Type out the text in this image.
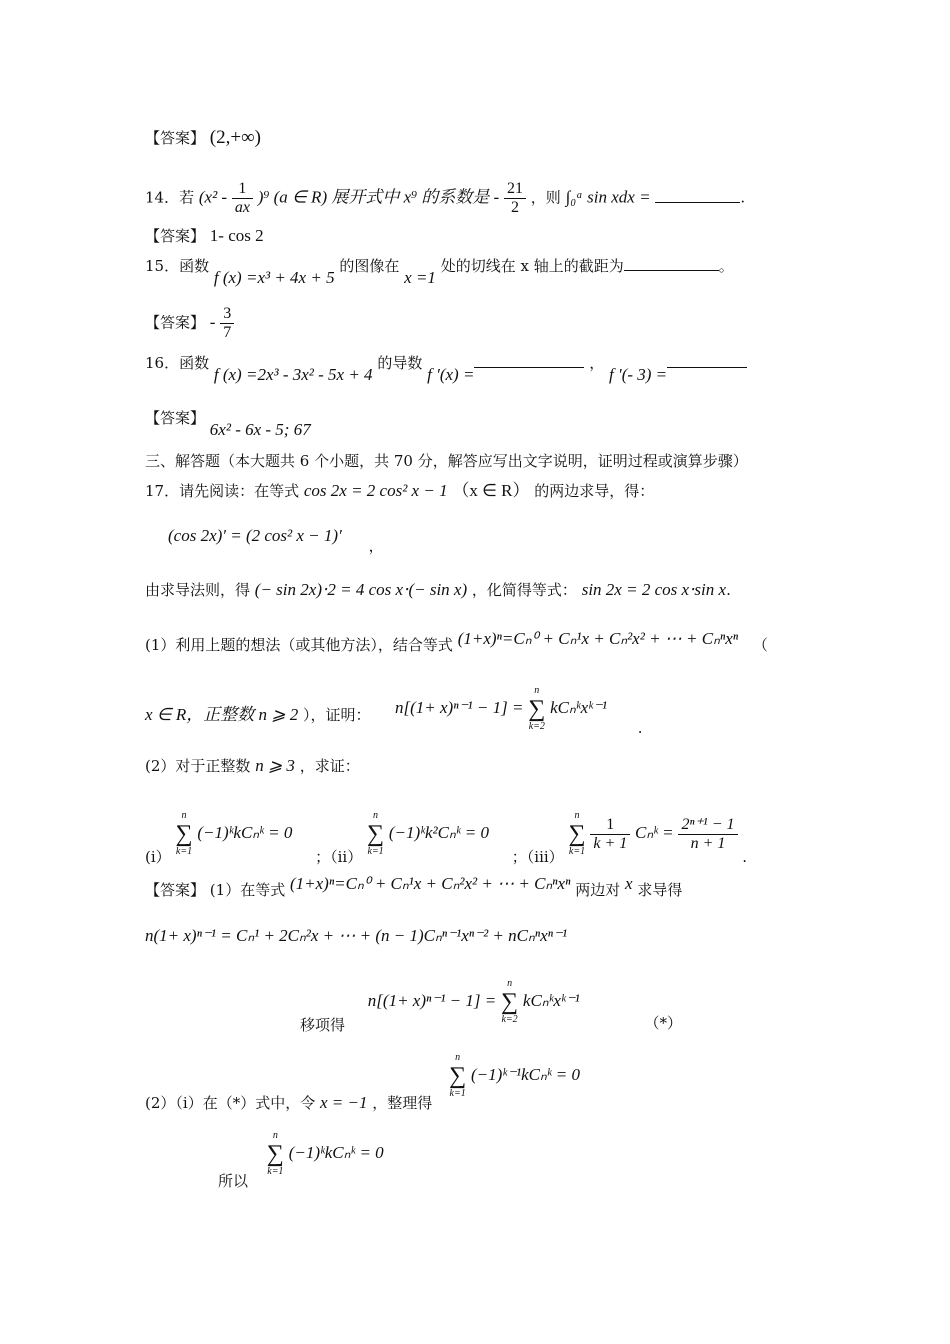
【答案】 (2,+∞)
14．若 $(x^2 - \frac{1}{ax} )^9$ (a ∈ R) 展开式中 x⁹ 的系数是 - $\frac{21}{2}$ ，则 ∫₀ᵃ sin xdx =	.
【答案】 1- cos 2
15．函数 f (x) =x³ + 4x + 5 的图像在 x =1 处的切线在 x 轴上的截距为	。
【答案】 - $\frac{3}{7}$
16．函数 f (x) =2x³ - 3x² - 5x + 4 的导数 f ′(x) = ， f ′(- 3) =
【答案】 6x² - 6x - 5; 67
三、解答题（本大题共 6 个小题，共 70 分，解答应写出文字说明，证明过程或演算步骤）
17．请先阅读：在等式 cos 2x = 2 cos² x − 1 （x ∈ R） 的两边求导，得：
(cos 2x)′ = (2 cos² x − 1)′ ，
由求导法则，得 (− sin 2x)⋅2 = 4 cos x⋅(− sin x) ，化简得等式： sin 2x = 2 cos x⋅sin x.
(1）利用上题的想法（或其他方法），结合等式 (1+x)ⁿ=Cₙ⁰ + Cₙ¹x + Cₙ²x² + ⋯ + Cₙⁿxⁿ （
x ∈ R，正整数 n ⩾ 2 ），证明： n[(1+ x)ⁿ⁻¹ − 1] =
n
∑
k=2
kCₙᵏxᵏ⁻¹ .
(2）对于正整数 n ⩾ 3 ，求证：
(i）
n
∑
k=1
(−1)ᵏkCₙᵏ = 0 ；（ii）
n
∑
k=1
(−1)ᵏk²Cₙᵏ = 0 ；（iii）
n
∑
k=1
$\frac{1}{k + 1}$ Cₙᵏ = $\frac{\text{2ⁿ⁺¹ − 1}}{n + 1}$
.
【答案】 (1）在等式 (1+x)ⁿ=Cₙ⁰ + Cₙ¹x + Cₙ²x² + ⋯ + Cₙⁿxⁿ 两边对 x 求导得
n(1+ x)ⁿ⁻¹ = Cₙ¹ + 2Cₙ²x + ⋯ + (n − 1)Cₙⁿ⁻¹xⁿ⁻² + nCₙⁿxⁿ⁻¹
移项得 n[(1+ x)ⁿ⁻¹ − 1] =
n
∑
k=2
kCₙᵏxᵏ⁻¹ （*）
(2）（i）在（*）式中，令 x = −1 ，整理得
n
∑
k=1
(−1)ᵏ⁻¹kCₙᵏ = 0
所以
n
∑
k=1
(−1)ᵏkCₙᵏ = 0
